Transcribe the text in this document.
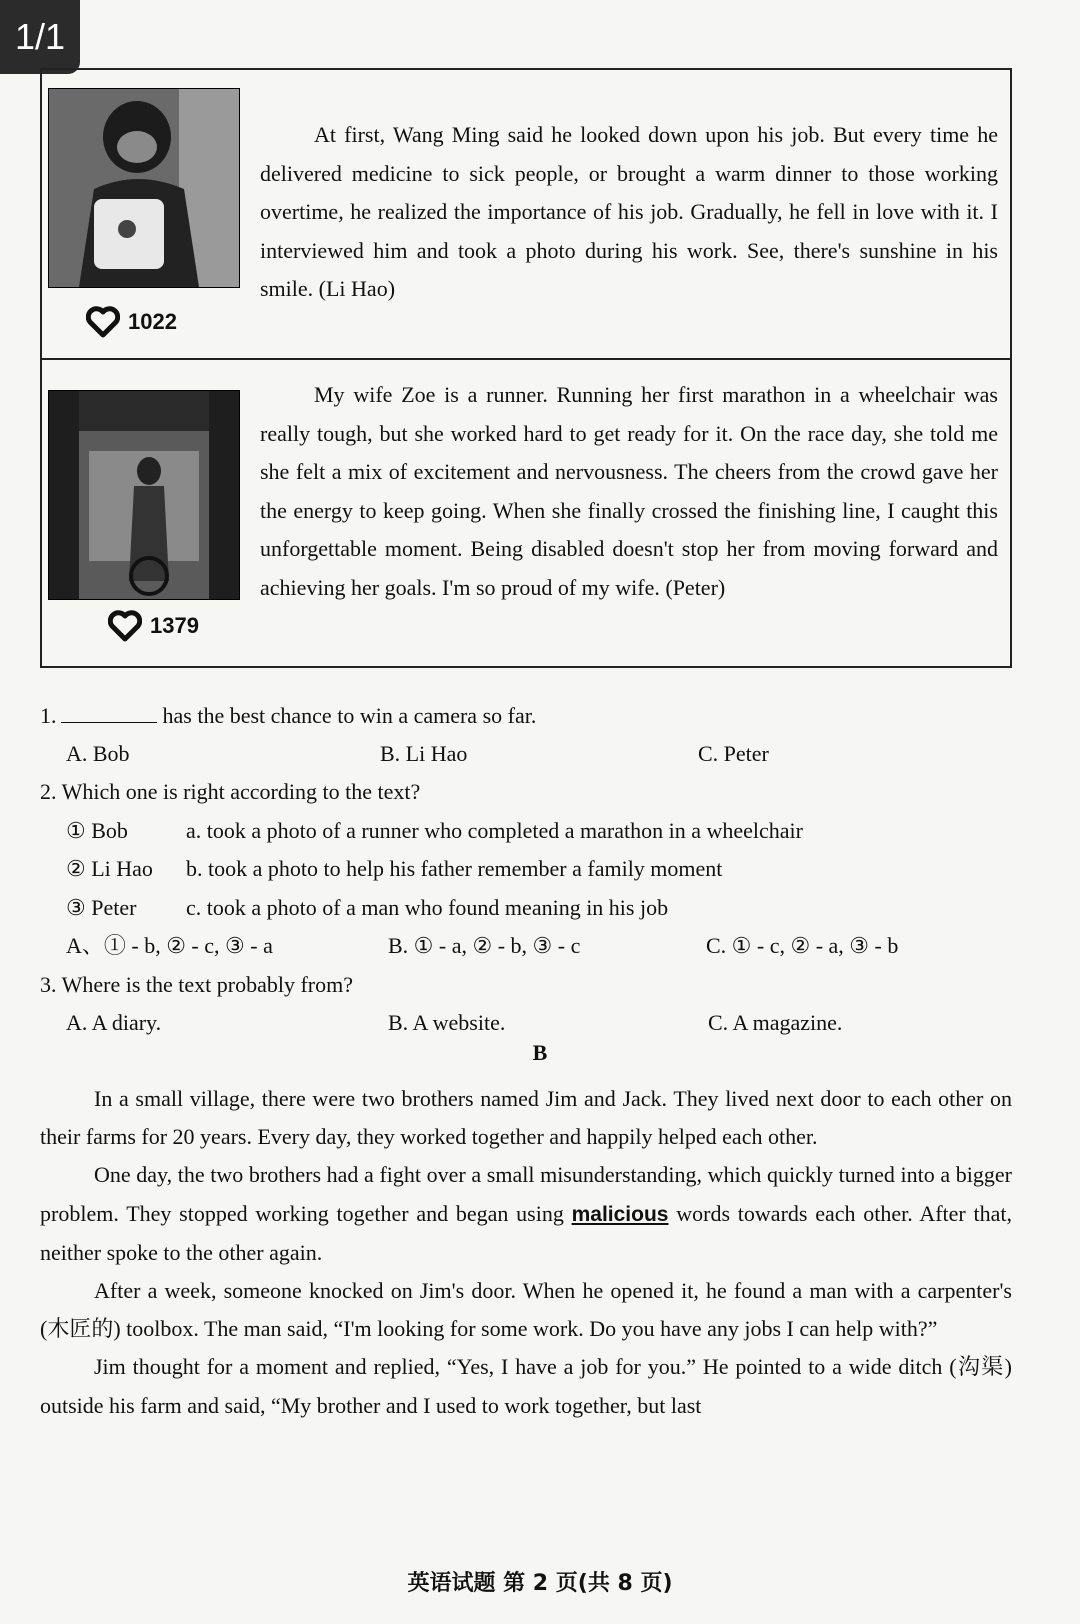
1/1
1022
At first, Wang Ming said he looked down upon his job. But every time he delivered medicine to sick people, or brought a warm dinner to those working overtime, he realized the importance of his job. Gradually, he fell in love with it. I interviewed him and took a photo during his work. See, there's sunshine in his smile. (Li Hao)
1379
My wife Zoe is a runner. Running her first marathon in a wheelchair was really tough, but she worked hard to get ready for it. On the race day, she told me she felt a mix of excitement and nervousness. The cheers from the crowd gave her the energy to keep going. When she finally crossed the finishing line, I caught this unforgettable moment. Being disabled doesn't stop her from moving forward and achieving her goals. I'm so proud of my wife. (Peter)
1.	has the best chance to win a camera so far.
A. Bob	B. Li Hao	C. Peter
2. Which one is right according to the text?
① Bob	a. took a photo of a runner who completed a marathon in a wheelchair
② Li Hao b. took a photo to help his father remember a family moment
③ Peter c. took a photo of a man who found meaning in his job
A、① - b, ② - c, ③ - a	B. ① - a, ② - b, ③ - c	C. ① - c, ② - a, ③ - b
3. Where is the text probably from?
A. A diary.	B. A website.	C. A magazine.
B

In a small village, there were two brothers named Jim and Jack. They lived next door to each other on their farms for 20 years. Every day, they worked together and happily helped each other.

One day, the two brothers had a fight over a small misunderstanding, which quickly turned into a bigger problem. They stopped working together and began using malicious words towards each other. After that, neither spoke to the other again.

After a week, someone knocked on Jim's door. When he opened it, he found a man with a carpenter's (木匠的) toolbox. The man said, “I'm looking for some work. Do you have any jobs I can help with?”

Jim thought for a moment and replied, “Yes, I have a job for you.” He pointed to a wide ditch (沟渠) outside his farm and said, “My brother and I used to work together, but last

英语试题 第 2 页(共 8 页)
